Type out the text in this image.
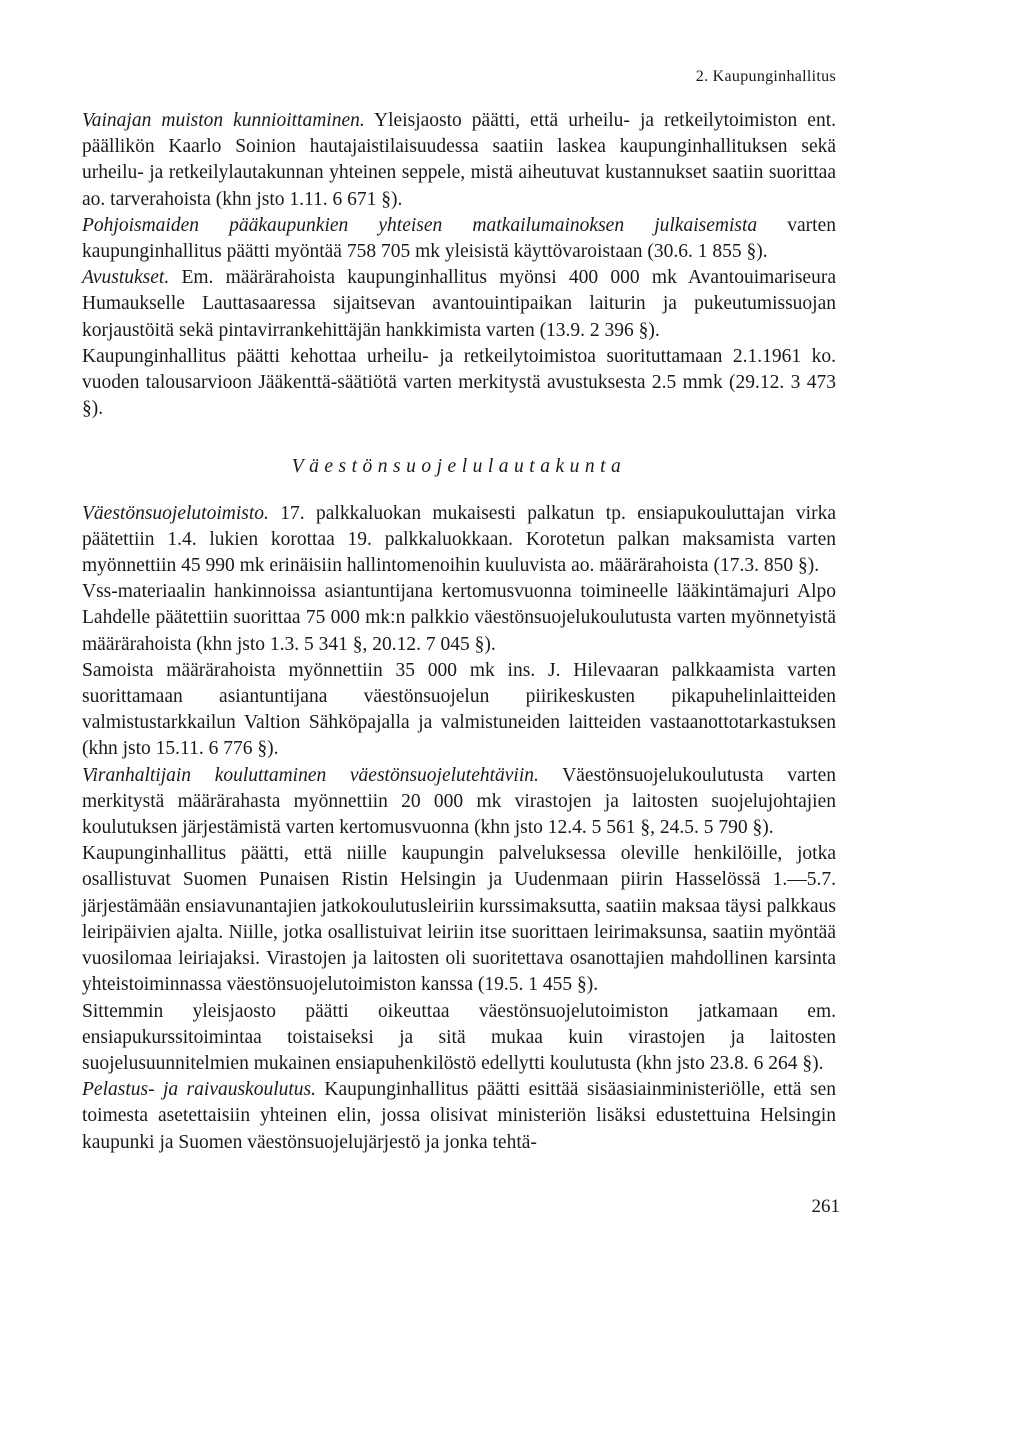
2. Kaupunginhallitus

Vainajan muiston kunnioittaminen. Yleisjaosto päätti, että urheilu- ja retkeilytoimiston ent. päällikön Kaarlo Soinion hautajaistilaisuudessa saatiin laskea kaupunginhallituksen sekä urheilu- ja retkeilylautakunnan yhteinen seppele, mistä aiheutuvat kustannukset saatiin suorittaa ao. tarverahoista (khn jsto 1.11. 6 671 §).

Pohjoismaiden pääkaupunkien yhteisen matkailumainoksen julkaisemista varten kaupunginhallitus päätti myöntää 758 705 mk yleisistä käyttövaroistaan (30.6. 1 855 §).

Avustukset. Em. määrärahoista kaupunginhallitus myönsi 400 000 mk Avantouimariseura Humaukselle Lauttasaaressa sijaitsevan avantouintipaikan laiturin ja pukeutumissuojan korjaustöitä sekä pintavirrankehittäjän hankkimista varten (13.9. 2 396 §).

Kaupunginhallitus päätti kehottaa urheilu- ja retkeilytoimistoa suorituttamaan 2.1.1961 ko. vuoden talousarvioon Jääkenttä-säätiötä varten merkitystä avustuksesta 2.5 mmk (29.12. 3 473 §).

Väestönsuojelulautakunta

Väestönsuojelutoimisto. 17. palkkaluokan mukaisesti palkatun tp. ensiapukouluttajan virka päätettiin 1.4. lukien korottaa 19. palkkaluokkaan. Korotetun palkan maksamista varten myönnettiin 45 990 mk erinäisiin hallintomenoihin kuuluvista ao. määrärahoista (17.3. 850 §).

Vss-materiaalin hankinnoissa asiantuntijana kertomusvuonna toimineelle lääkintämajuri Alpo Lahdelle päätettiin suorittaa 75 000 mk:n palkkio väestönsuojelukoulutusta varten myönnetyistä määrärahoista (khn jsto 1.3. 5 341 §, 20.12. 7 045 §).

Samoista määrärahoista myönnettiin 35 000 mk ins. J. Hilevaaran palkkaamista varten suorittamaan asiantuntijana väestönsuojelun piirikeskusten pikapuhelinlaitteiden valmistustarkkailun Valtion Sähköpajalla ja valmistuneiden laitteiden vastaanottotarkastuksen (khn jsto 15.11. 6 776 §).

Viranhaltijain kouluttaminen väestönsuojelutehtäviin. Väestönsuojelukoulutusta varten merkitystä määrärahasta myönnettiin 20 000 mk virastojen ja laitosten suojelujohtajien koulutuksen järjestämistä varten kertomusvuonna (khn jsto 12.4. 5 561 §, 24.5. 5 790 §).

Kaupunginhallitus päätti, että niille kaupungin palveluksessa oleville henkilöille, jotka osallistuvat Suomen Punaisen Ristin Helsingin ja Uudenmaan piirin Hasselössä 1.—5.7. järjestämään ensiavunantajien jatkokoulutusleiriin kurssimaksutta, saatiin maksaa täysi palkkaus leiripäivien ajalta. Niille, jotka osallistuivat leiriin itse suorittaen leirimaksunsa, saatiin myöntää vuosilomaa leiriajaksi. Virastojen ja laitosten oli suoritettava osanottajien mahdollinen karsinta yhteistoiminnassa väestönsuojelutoimiston kanssa (19.5. 1 455 §).

Sittemmin yleisjaosto päätti oikeuttaa väestönsuojelutoimiston jatkamaan em. ensiapukurssitoimintaa toistaiseksi ja sitä mukaa kuin virastojen ja laitosten suojelusuunnitelmien mukainen ensiapuhenkilöstö edellytti koulutusta (khn jsto 23.8. 6 264 §).

Pelastus- ja raivauskoulutus. Kaupunginhallitus päätti esittää sisäasiainministeriölle, että sen toimesta asetettaisiin yhteinen elin, jossa olisivat ministeriön lisäksi edustettuina Helsingin kaupunki ja Suomen väestönsuojelujärjestö ja jonka tehtä-

261
